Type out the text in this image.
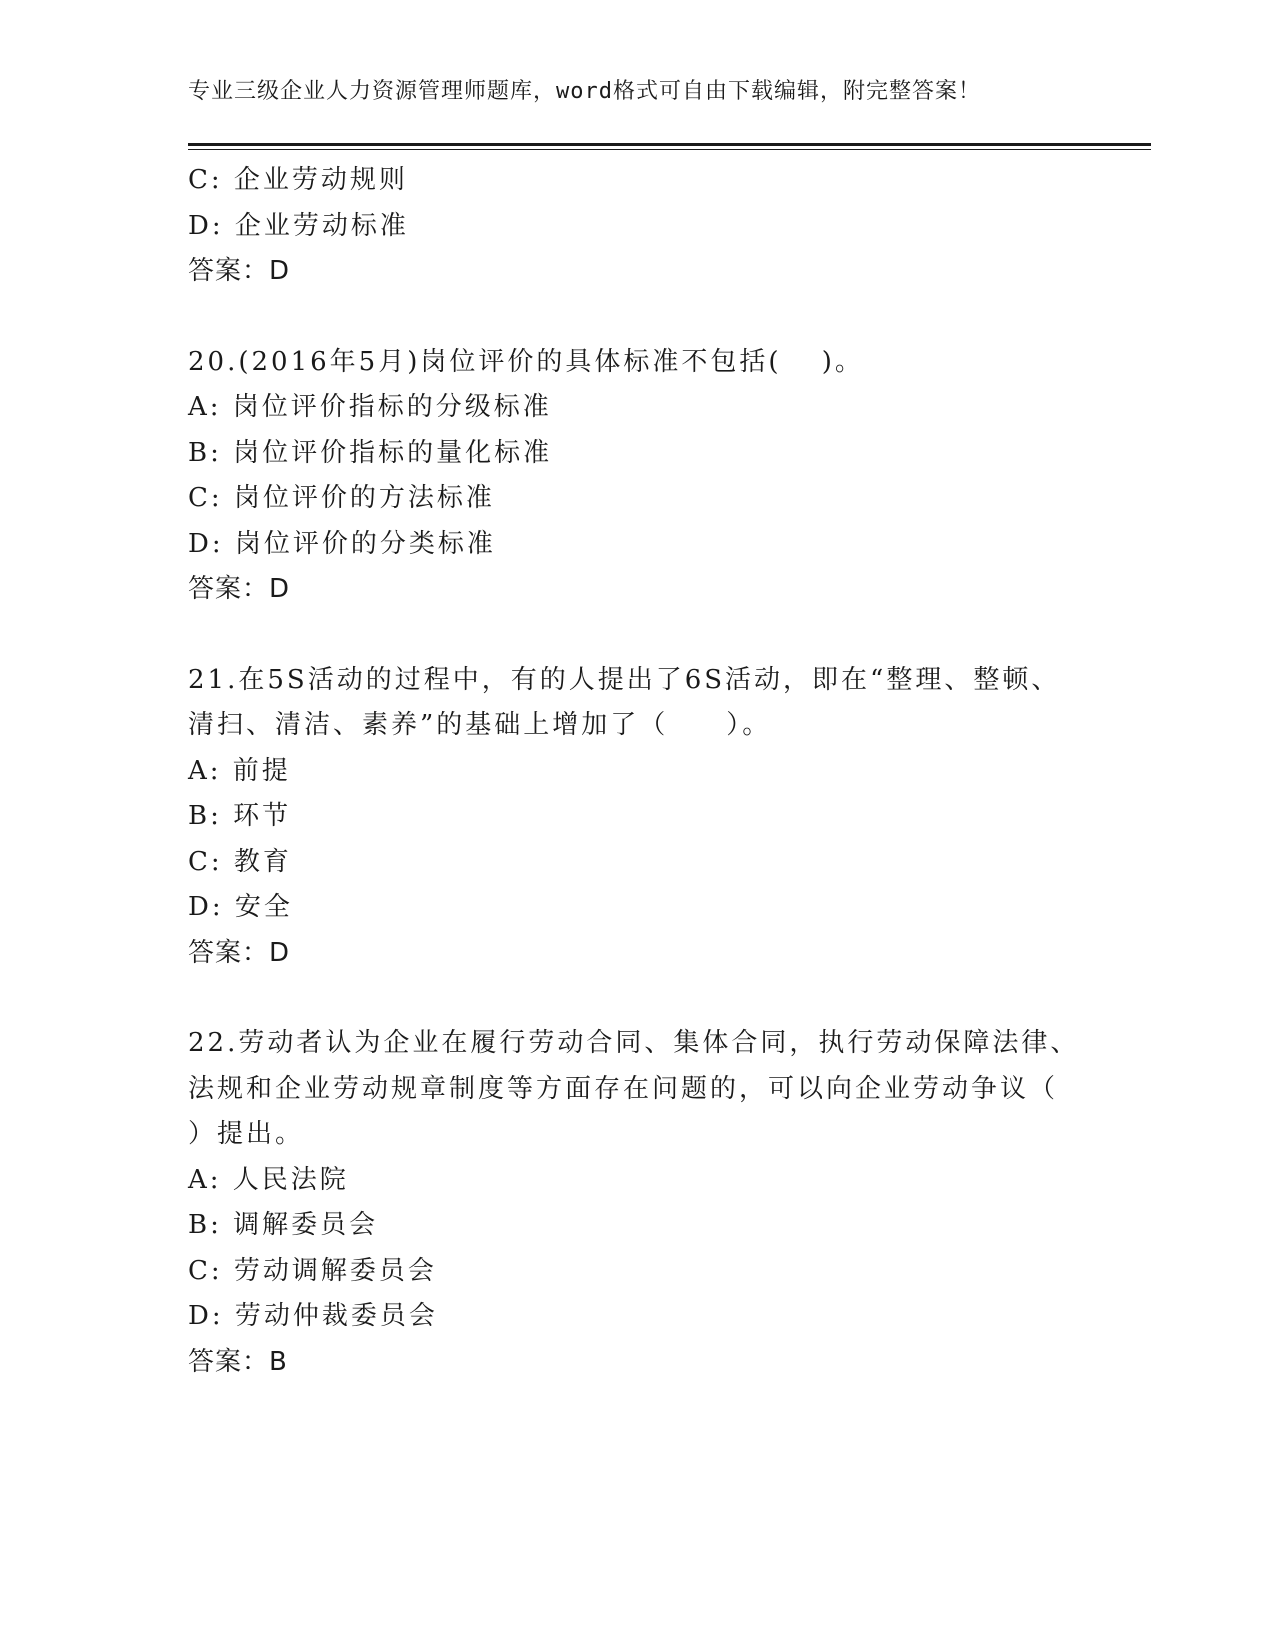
专业三级企业人力资源管理师题库，word格式可自由下载编辑，附完整答案！
C: 企业劳动规则
D: 企业劳动标准
答案：D
20.(2016年5月)岗位评价的具体标准不包括(　 )。
A: 岗位评价指标的分级标准
B: 岗位评价指标的量化标准
C: 岗位评价的方法标准
D: 岗位评价的分类标准
答案：D
21.在5S活动的过程中，有的人提出了6S活动，即在“整理、整顿、
清扫、清洁、素养”的基础上增加了（　　）。
A: 前提
B: 环节
C: 教育
D: 安全
答案：D
22.劳动者认为企业在履行劳动合同、集体合同，执行劳动保障法律、
法规和企业劳动规章制度等方面存在问题的，可以向企业劳动争议（
）提出。
A: 人民法院
B: 调解委员会
C: 劳动调解委员会
D: 劳动仲裁委员会
答案：B
